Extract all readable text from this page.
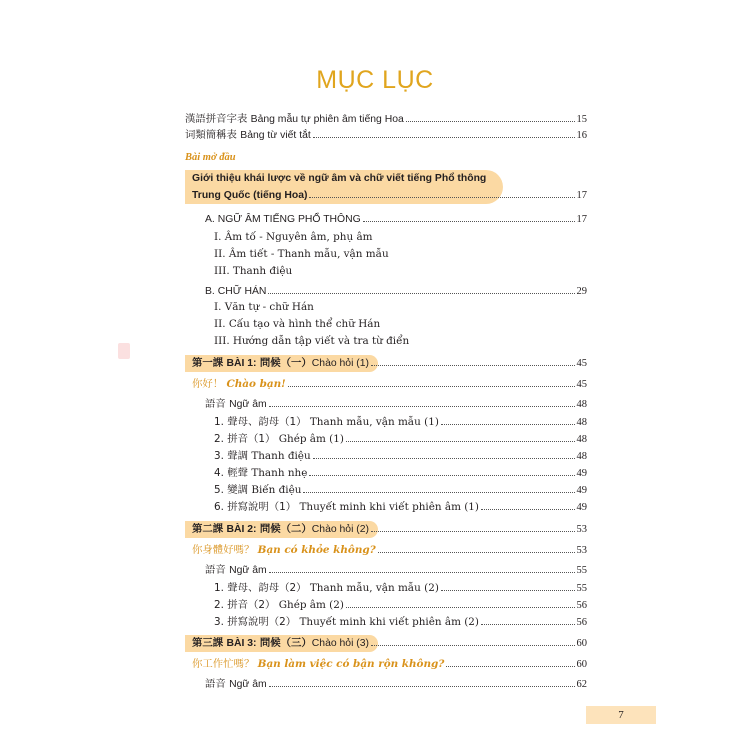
MỤC LỤC
漢語拼音字表
Bảng mẫu tự phiên âm tiếng Hoa	15
词類簡稱表
Bảng từ viết tắt	16
Bài mở đầu
Giới thiệu khái lược về ngữ âm và chữ viết tiếng Phổ thông
Trung Quốc (tiếng Hoa)	17
A. NGỮ ÂM TIẾNG PHỔ THÔNG	17
I. Âm tố - Nguyên âm, phụ âm
II. Âm tiết - Thanh mẫu, vận mẫu
III. Thanh điệu
B. CHỮ HÁN	29
I. Văn tự - chữ Hán
II. Cấu tạo và hình thể chữ Hán
III. Hướng dẫn tập viết và tra từ điển
第一課
BÀI 1:
問候（一） Chào hỏi (1)	45
你好！
Chào bạn!	45
語音
Ngữ âm	48
1. 聲母、韵母（1）
Thanh mẫu, vận mẫu (1)	48
2. 拼音（1）
Ghép âm (1)	48
3. 聲調
Thanh điệu	48
4. 輕聲
Thanh nhẹ	49
5. 變調
Biến điệu	49
6. 拼寫說明（1）
Thuyết minh khi viết phiên âm (1)	49
第二課
BÀI 2:
問候（二） Chào hỏi (2)	53
你身體好嗎？
Bạn có khỏe không?	53
語音
Ngữ âm	55
1. 聲母、韵母（2）
Thanh mẫu, vận mẫu (2)	55
2. 拼音（2）
Ghép âm (2)	56
3. 拼寫說明（2）
Thuyết minh khi viết phiên âm (2)	56
第三課
BÀI 3:
問候（三） Chào hỏi (3)	60
你工作忙嗎？
Bạn làm việc có bận rộn không?	60
語音
Ngữ âm	62
7
